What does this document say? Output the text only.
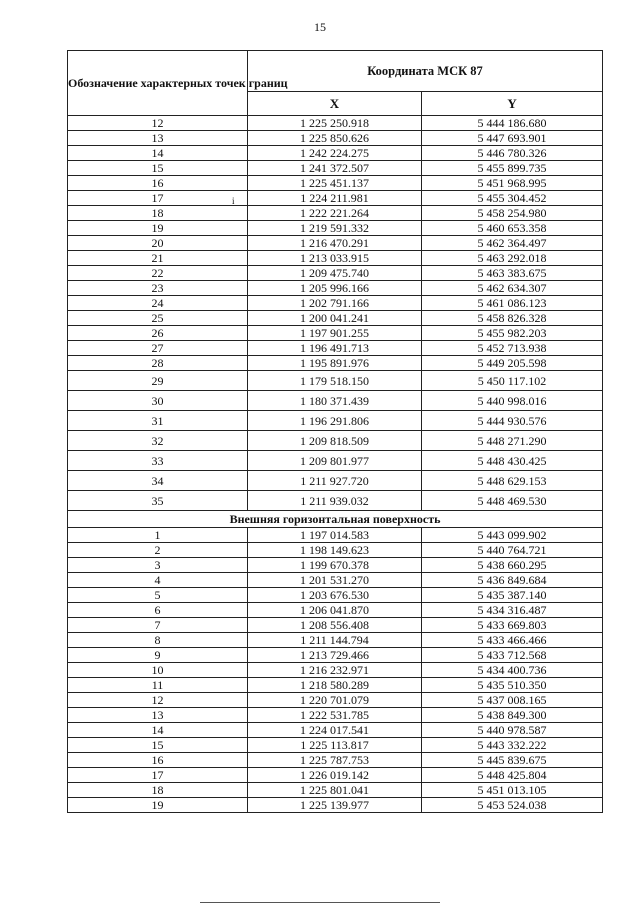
15
i
Обозначение характерных точек границ	Координата МСК 87	
	X	Y
12	1 225 250.918	5 444 186.680
13	1 225 850.626	5 447 693.901
14	1 242 224.275	5 446 780.326
15	1 241 372.507	5 455 899.735
16	1 225 451.137	5 451 968.995
17	1 224 211.981	5 455 304.452
18	1 222 221.264	5 458 254.980
19	1 219 591.332	5 460 653.358
20	1 216 470.291	5 462 364.497
21	1 213 033.915	5 463 292.018
22	1 209 475.740	5 463 383.675
23	1 205 996.166	5 462 634.307
24	1 202 791.166	5 461 086.123
25	1 200 041.241	5 458 826.328
26	1 197 901.255	5 455 982.203
27	1 196 491.713	5 452 713.938
28	1 195 891.976	5 449 205.598
29	1 179 518.150	5 450 117.102
30	1 180 371.439	5 440 998.016
31	1 196 291.806	5 444 930.576
32	1 209 818.509	5 448 271.290
33	1 209 801.977	5 448 430.425
34	1 211 927.720	5 448 629.153
35	1 211 939.032	5 448 469.530
Внешняя горизонтальная поверхность		
1	1 197 014.583	5 443 099.902
2	1 198 149.623	5 440 764.721
3	1 199 670.378	5 438 660.295
4	1 201 531.270	5 436 849.684
5	1 203 676.530	5 435 387.140
6	1 206 041.870	5 434 316.487
7	1 208 556.408	5 433 669.803
8	1 211 144.794	5 433 466.466
9	1 213 729.466	5 433 712.568
10	1 216 232.971	5 434 400.736
11	1 218 580.289	5 435 510.350
12	1 220 701.079	5 437 008.165
13	1 222 531.785	5 438 849.300
14	1 224 017.541	5 440 978.587
15	1 225 113.817	5 443 332.222
16	1 225 787.753	5 445 839.675
17	1 226 019.142	5 448 425.804
18	1 225 801.041	5 451 013.105
19	1 225 139.977	5 453 524.038
